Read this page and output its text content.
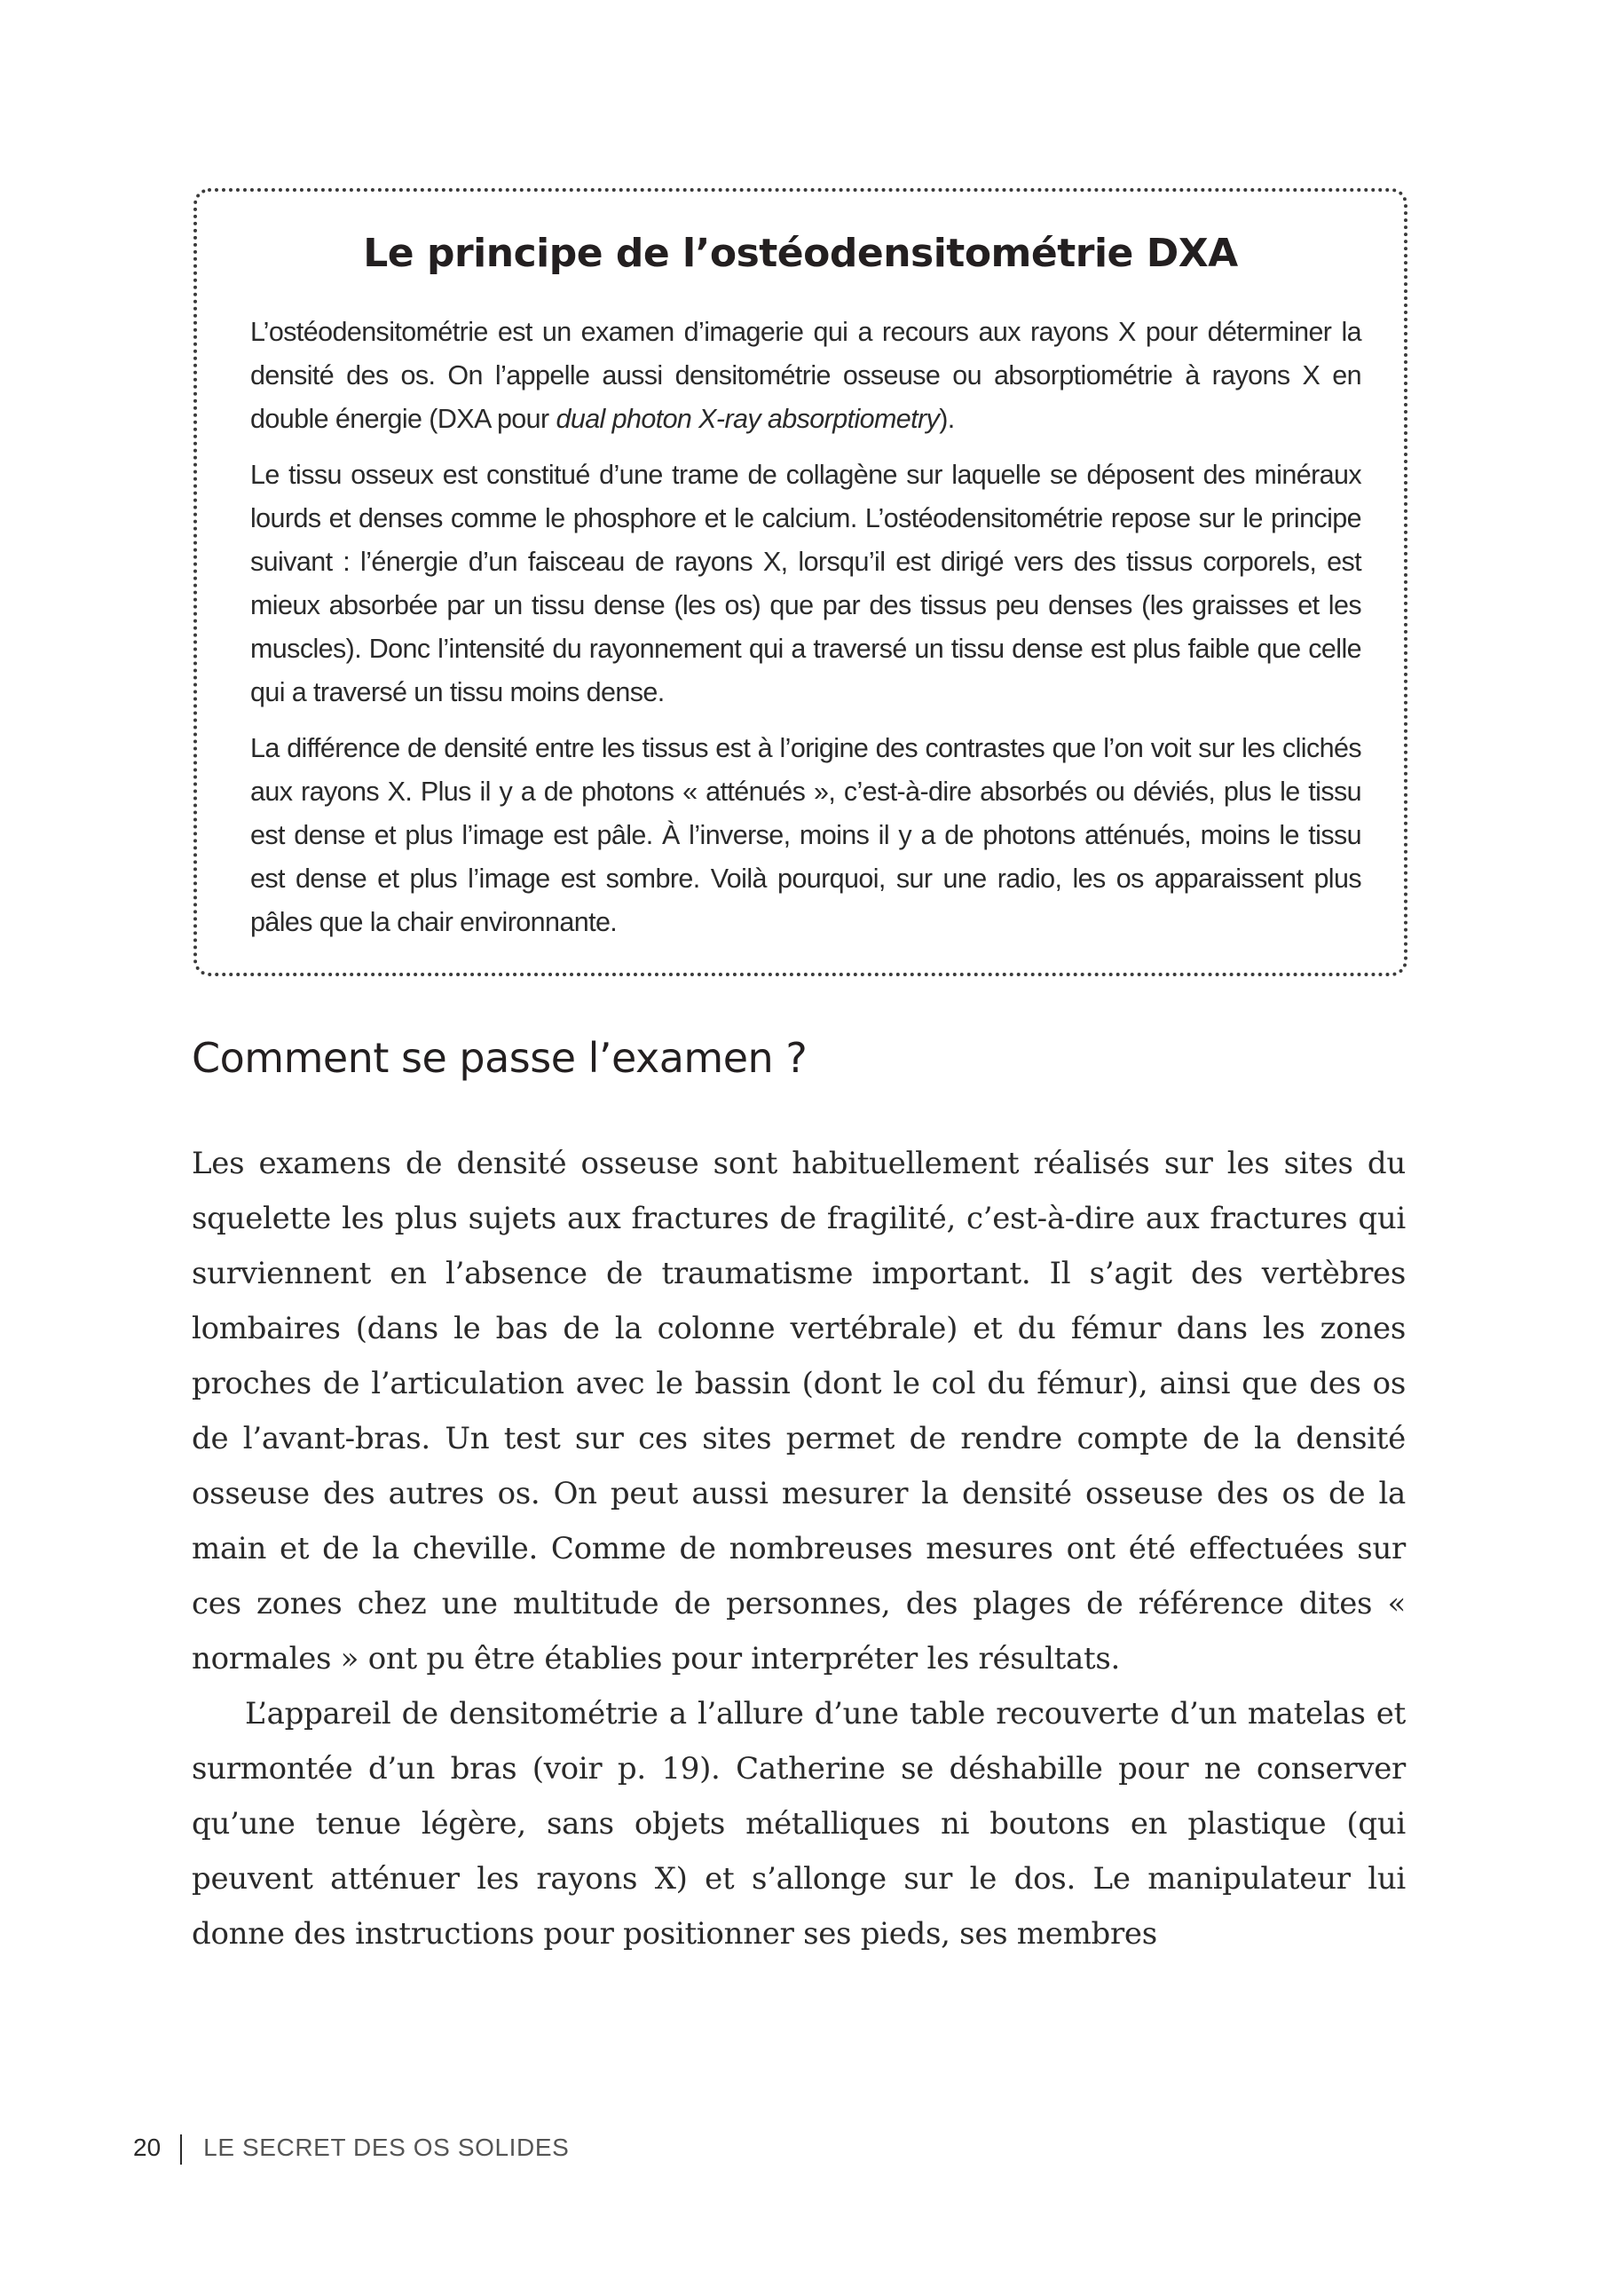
Le principe de l’ostéodensitométrie DXA

L’ostéodensitométrie est un examen d’imagerie qui a recours aux rayons X pour déterminer la densité des os. On l’appelle aussi densitométrie osseuse ou absorptiométrie à rayons X en double énergie (DXA pour dual photon X-ray absorptiometry).

Le tissu osseux est constitué d’une trame de collagène sur laquelle se déposent des minéraux lourds et denses comme le phosphore et le calcium. L’ostéodensitométrie repose sur le principe suivant : l’énergie d’un faisceau de rayons X, lorsqu’il est dirigé vers des tissus corporels, est mieux absorbée par un tissu dense (les os) que par des tissus peu denses (les graisses et les muscles). Donc l’intensité du rayonnement qui a traversé un tissu dense est plus faible que celle qui a traversé un tissu moins dense.

La différence de densité entre les tissus est à l’origine des contrastes que l’on voit sur les clichés aux rayons X. Plus il y a de photons « atténués », c’est-à-dire absorbés ou déviés, plus le tissu est dense et plus l’image est pâle. À l’inverse, moins il y a de photons atténués, moins le tissu est dense et plus l’image est sombre. Voilà pourquoi, sur une radio, les os apparaissent plus pâles que la chair environnante.

Comment se passe l’examen ?

Les examens de densité osseuse sont habituellement réalisés sur les sites du squelette les plus sujets aux fractures de fragilité, c’est-à-dire aux fractures qui surviennent en l’absence de traumatisme important. Il s’agit des vertèbres lombaires (dans le bas de la colonne vertébrale) et du fémur dans les zones proches de l’articulation avec le bassin (dont le col du fémur), ainsi que des os de l’avant-bras. Un test sur ces sites permet de rendre compte de la densité osseuse des autres os. On peut aussi mesurer la densité osseuse des os de la main et de la cheville. Comme de nombreuses mesures ont été effectuées sur ces zones chez une multitude de personnes, des plages de référence dites « normales » ont pu être établies pour interpréter les résultats.

L’appareil de densitométrie a l’allure d’une table recouverte d’un matelas et surmontée d’un bras (voir p. 19). Catherine se déshabille pour ne conserver qu’une tenue légère, sans objets métalliques ni boutons en plastique (qui peuvent atténuer les rayons X) et s’allonge sur le dos. Le manipulateur lui donne des instructions pour positionner ses pieds, ses membres

20 LE SECRET DES OS SOLIDES
